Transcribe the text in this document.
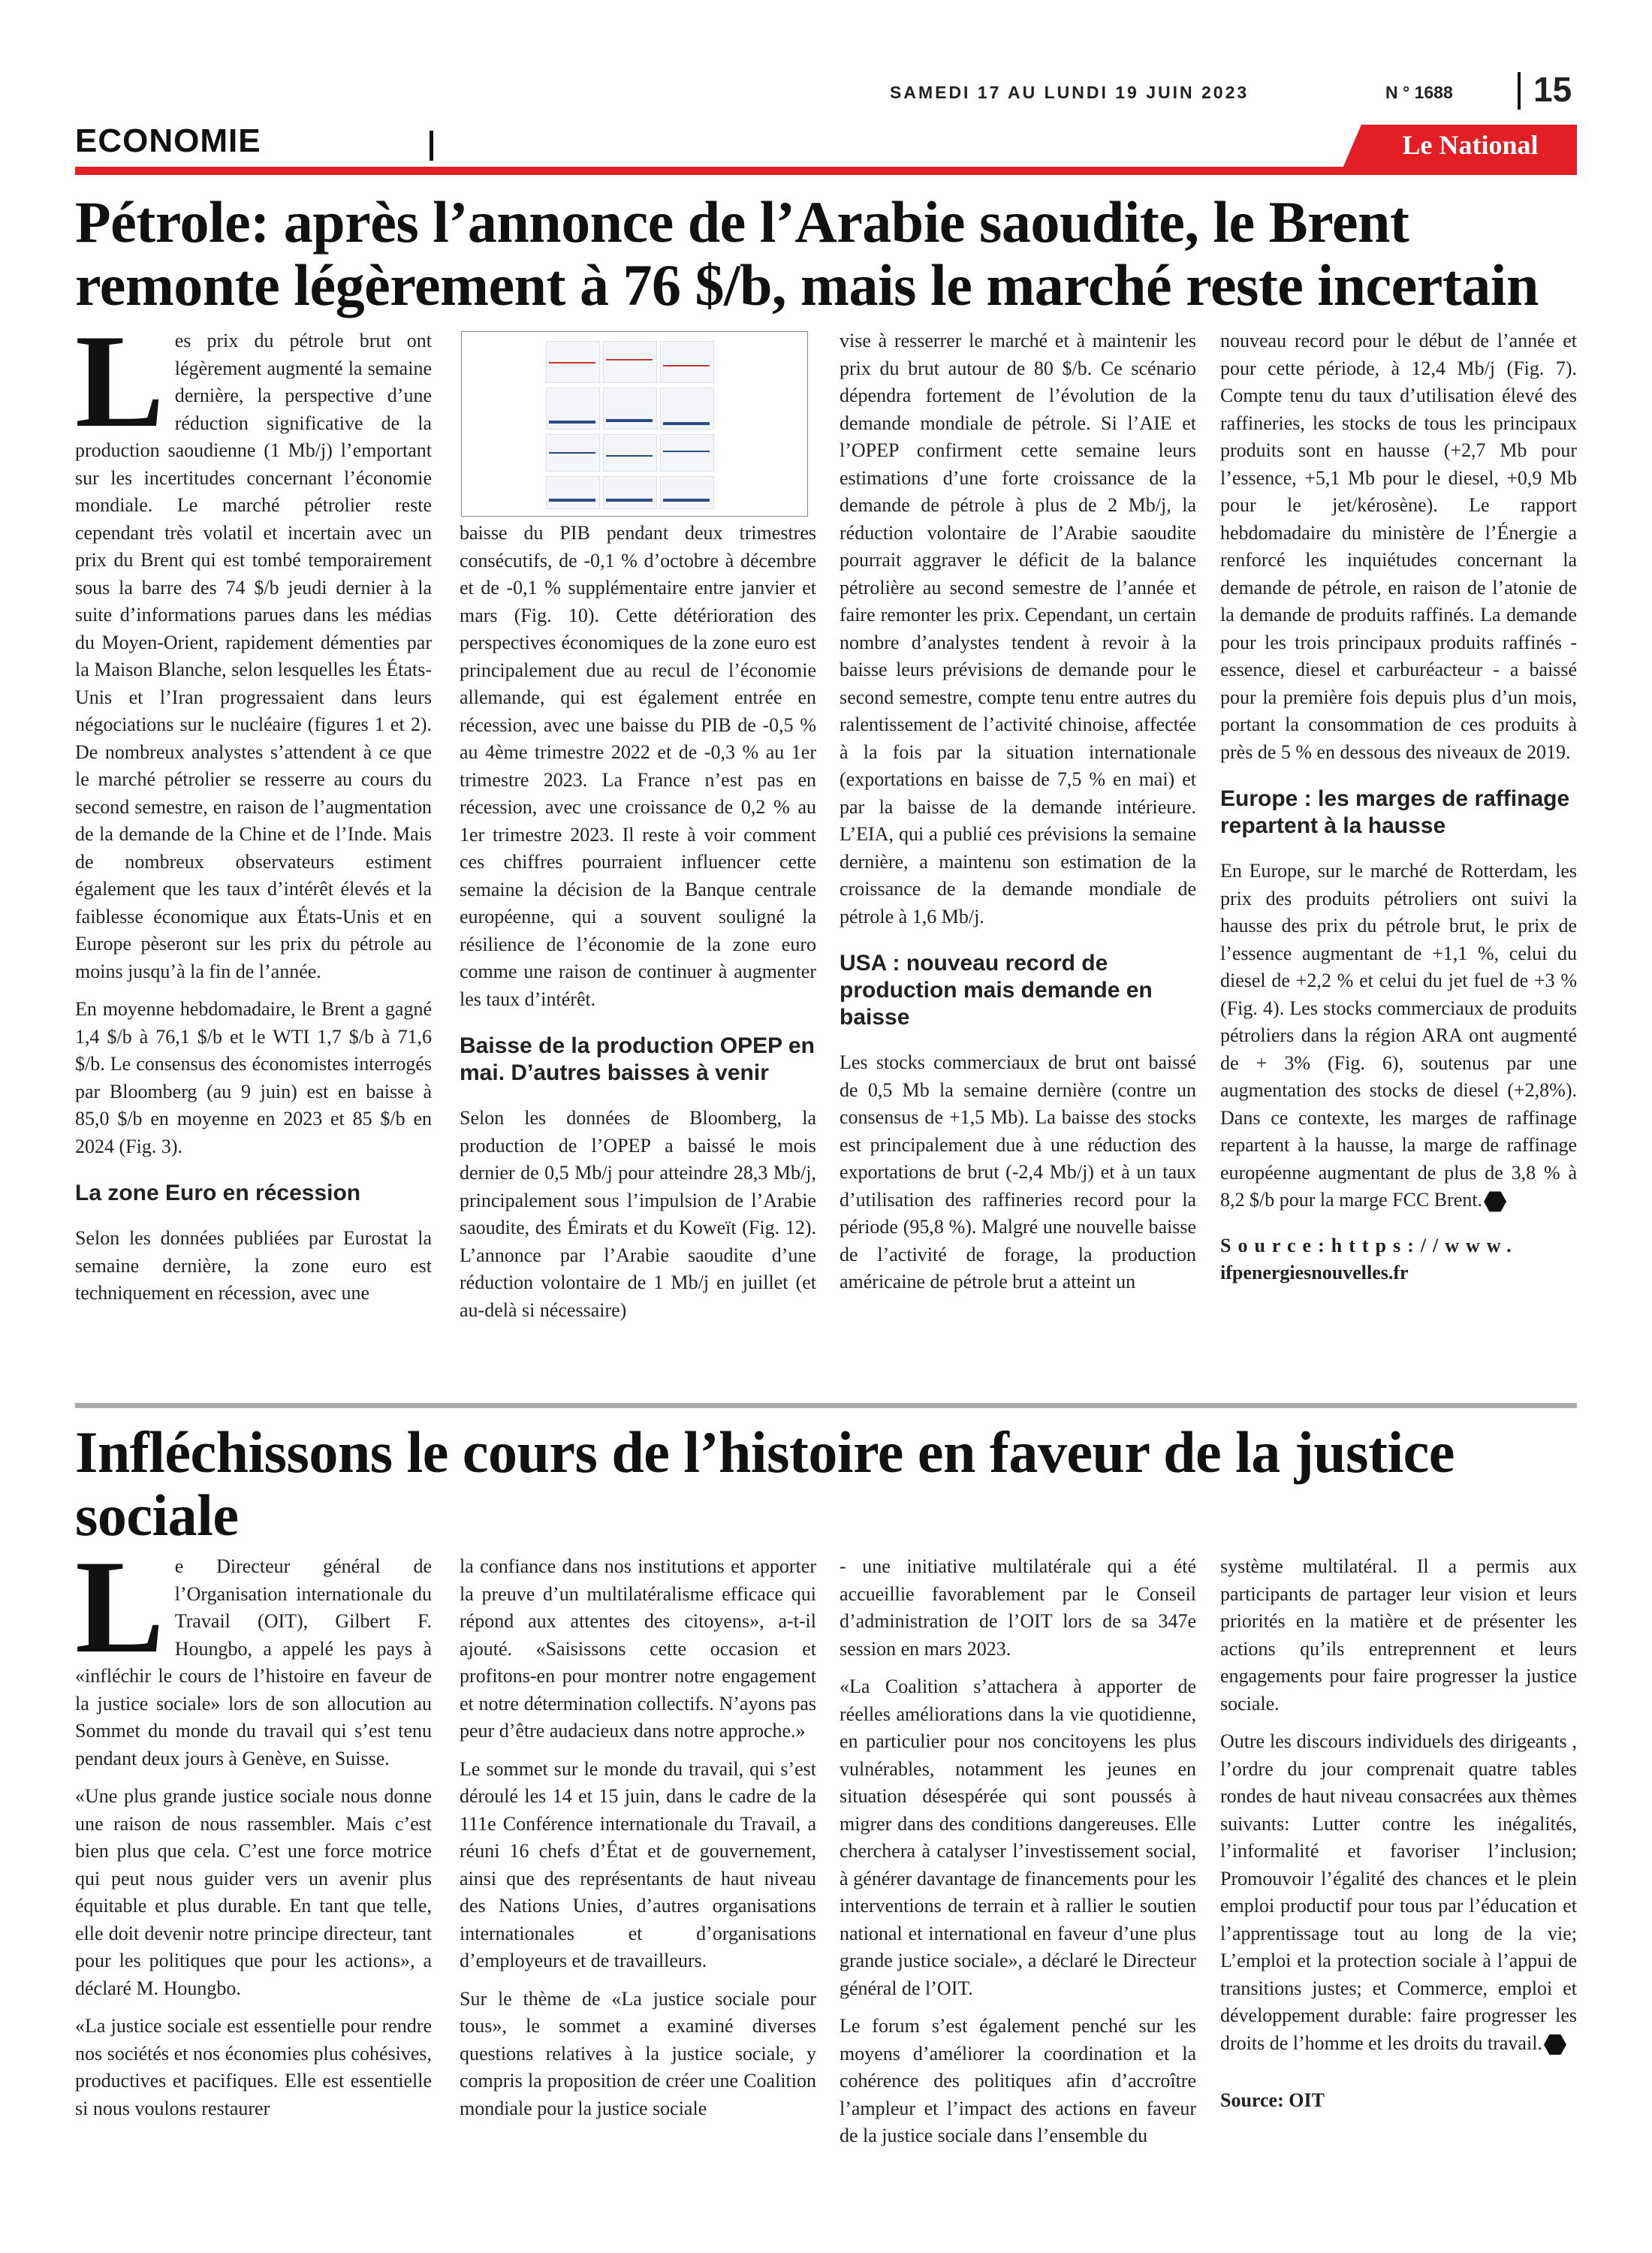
SAMEDI 17 AU LUNDI 19 JUIN 2023	N ° 1688 15
ECONOMIE	Le National
Pétrole: après l’annonce de l’Arabie saoudite, le Brent remonte légèrement à 76 $/b, mais le marché reste incertain

Les prix du pétrole brut ont légèrement augmenté la semaine dernière, la perspective d’une réduction significative de la production saoudienne (1 Mb/j) l’emportant sur les incertitudes concernant l’économie mondiale. Le marché pétrolier reste cependant très volatil et incertain avec un prix du Brent qui est tombé temporairement sous la barre des 74 $/b jeudi dernier à la suite d’informations parues dans les médias du Moyen-Orient, rapidement démenties par la Maison Blanche, selon lesquelles les États-Unis et l’Iran progressaient dans leurs négociations sur le nucléaire (figures 1 et 2). De nombreux analystes s’attendent à ce que le marché pétrolier se resserre au cours du second semestre, en raison de l’augmentation de la demande de la Chine et de l’Inde. Mais de nombreux observateurs estiment également que les taux d’intérêt élevés et la faiblesse économique aux États-Unis et en Europe pèseront sur les prix du pétrole au moins jusqu’à la fin de l’année.

En moyenne hebdomadaire, le Brent a gagné 1,4 $/b à 76,1 $/b et le WTI 1,7 $/b à 71,6 $/b. Le consensus des économistes interrogés par Bloomberg (au 9 juin) est en baisse à 85,0 $/b en moyenne en 2023 et 85 $/b en 2024 (Fig. 3).

La zone Euro en récession

Selon les données publiées par Eurostat la semaine dernière, la zone euro est techniquement en récession, avec une

baisse du PIB pendant deux trimestres consécutifs, de -0,1 % d’octobre à décembre et de -0,1 % supplémentaire entre janvier et mars (Fig. 10). Cette détérioration des perspectives économiques de la zone euro est principalement due au recul de l’économie allemande, qui est également entrée en récession, avec une baisse du PIB de -0,5 % au 4ème trimestre 2022 et de -0,3 % au 1er trimestre 2023. La France n’est pas en récession, avec une croissance de 0,2 % au 1er trimestre 2023. Il reste à voir comment ces chiffres pourraient influencer cette semaine la décision de la Banque centrale européenne, qui a souvent souligné la résilience de l’économie de la zone euro comme une raison de continuer à augmenter les taux d’intérêt.

Baisse de la production OPEP en mai. D’autres baisses à venir

Selon les données de Bloomberg, la production de l’OPEP a baissé le mois dernier de 0,5 Mb/j pour atteindre 28,3 Mb/j, principalement sous l’impulsion de l’Arabie saoudite, des Émirats et du Koweït (Fig. 12). L’annonce par l’Arabie saoudite d’une réduction volontaire de 1 Mb/j en juillet (et au-delà si nécessaire)

vise à resserrer le marché et à maintenir les prix du brut autour de 80 $/b. Ce scénario dépendra fortement de l’évolution de la demande mondiale de pétrole. Si l’AIE et l’OPEP confirment cette semaine leurs estimations d’une forte croissance de la demande de pétrole à plus de 2 Mb/j, la réduction volontaire de l’Arabie saoudite pourrait aggraver le déficit de la balance pétrolière au second semestre de l’année et faire remonter les prix. Cependant, un certain nombre d’analystes tendent à revoir à la baisse leurs prévisions de demande pour le second semestre, compte tenu entre autres du ralentissement de l’activité chinoise, affectée à la fois par la situation internationale (exportations en baisse de 7,5 % en mai) et par la baisse de la demande intérieure. L’EIA, qui a publié ces prévisions la semaine dernière, a maintenu son estimation de la croissance de la demande mondiale de pétrole à 1,6 Mb/j.

USA : nouveau record de production mais demande en baisse

Les stocks commerciaux de brut ont baissé de 0,5 Mb la semaine dernière (contre un consensus de +1,5 Mb). La baisse des stocks est principalement due à une réduction des exportations de brut (-2,4 Mb/j) et à un taux d’utilisation des raffineries record pour la période (95,8 %). Malgré une nouvelle baisse de l’activité de forage, la production américaine de pétrole brut a atteint un

nouveau record pour le début de l’année et pour cette période, à 12,4 Mb/j (Fig. 7). Compte tenu du taux d’utilisation élevé des raffineries, les stocks de tous les principaux produits sont en hausse (+2,7 Mb pour l’essence, +5,1 Mb pour le diesel, +0,9 Mb pour le jet/kérosène). Le rapport hebdomadaire du ministère de l’Énergie a renforcé les inquiétudes concernant la demande de pétrole, en raison de l’atonie de la demande de produits raffinés. La demande pour les trois principaux produits raffinés - essence, diesel et carburéacteur - a baissé pour la première fois depuis plus d’un mois, portant la consommation de ces produits à près de 5 % en dessous des niveaux de 2019.

Europe : les marges de raffinage repartent à la hausse

En Europe, sur le marché de Rotterdam, les prix des produits pétroliers ont suivi la hausse des prix du pétrole brut, le prix de l’essence augmentant de +1,1 %, celui du diesel de +2,2 % et celui du jet fuel de +3 % (Fig. 4). Les stocks commerciaux de produits pétroliers dans la région ARA ont augmenté de + 3% (Fig. 6), soutenus par une augmentation des stocks de diesel (+2,8%). Dans ce contexte, les marges de raffinage repartent à la hausse, la marge de raffinage européenne augmentant de plus de 3,8 % à 8,2 $/b pour la marge FCC Brent.

Source:https://www.
ifpenergiesnouvelles.fr

Infléchissons le cours de l’histoire en faveur de la justice sociale

Le Directeur général de l’Organisation internationale du Travail (OIT), Gilbert F. Houngbo, a appelé les pays à «infléchir le cours de l’histoire en faveur de la justice sociale» lors de son allocution au Sommet du monde du travail qui s’est tenu pendant deux jours à Genève, en Suisse.

«Une plus grande justice sociale nous donne une raison de nous rassembler. Mais c’est bien plus que cela. C’est une force motrice qui peut nous guider vers un avenir plus équitable et plus durable. En tant que telle, elle doit devenir notre principe directeur, tant pour les politiques que pour les actions», a déclaré M. Houngbo.

«La justice sociale est essentielle pour rendre nos sociétés et nos économies plus cohésives, productives et pacifiques. Elle est essentielle si nous voulons restaurer

la confiance dans nos institutions et apporter la preuve d’un multilatéralisme efficace qui répond aux attentes des citoyens», a-t-il ajouté. «Saisissons cette occasion et profitons-en pour montrer notre engagement et notre détermination collectifs. N’ayons pas peur d’être audacieux dans notre approche.»

Le sommet sur le monde du travail, qui s’est déroulé les 14 et 15 juin, dans le cadre de la 111e Conférence internationale du Travail, a réuni 16 chefs d’État et de gouvernement, ainsi que des représentants de haut niveau des Nations Unies, d’autres organisations internationales et d’organisations d’employeurs et de travailleurs.

Sur le thème de «La justice sociale pour tous», le sommet a examiné diverses questions relatives à la justice sociale, y compris la proposition de créer une Coalition mondiale pour la justice sociale

- une initiative multilatérale qui a été accueillie favorablement par le Conseil d’administration de l’OIT lors de sa 347e session en mars 2023.

«La Coalition s’attachera à apporter de réelles améliorations dans la vie quotidienne, en particulier pour nos concitoyens les plus vulnérables, notamment les jeunes en situation désespérée qui sont poussés à migrer dans des conditions dangereuses. Elle cherchera à catalyser l’investissement social, à générer davantage de financements pour les interventions de terrain et à rallier le soutien national et international en faveur d’une plus grande justice sociale», a déclaré le Directeur général de l’OIT.

Le forum s’est également penché sur les moyens d’améliorer la coordination et la cohérence des politiques afin d’accroître l’ampleur et l’impact des actions en faveur de la justice sociale dans l’ensemble du

système multilatéral. Il a permis aux participants de partager leur vision et leurs priorités en la matière et de présenter les actions qu’ils entreprennent et leurs engagements pour faire progresser la justice sociale.

Outre les discours individuels des dirigeants , l’ordre du jour comprenait quatre tables rondes de haut niveau consacrées aux thèmes suivants: Lutter contre les inégalités, l’informalité et favoriser l’inclusion; Promouvoir l’égalité des chances et le plein emploi productif pour tous par l’éducation et l’apprentissage tout au long de la vie; L’emploi et la protection sociale à l’appui de transitions justes; et Commerce, emploi et développement durable: faire progresser les droits de l’homme et les droits du travail.

Source: OIT
